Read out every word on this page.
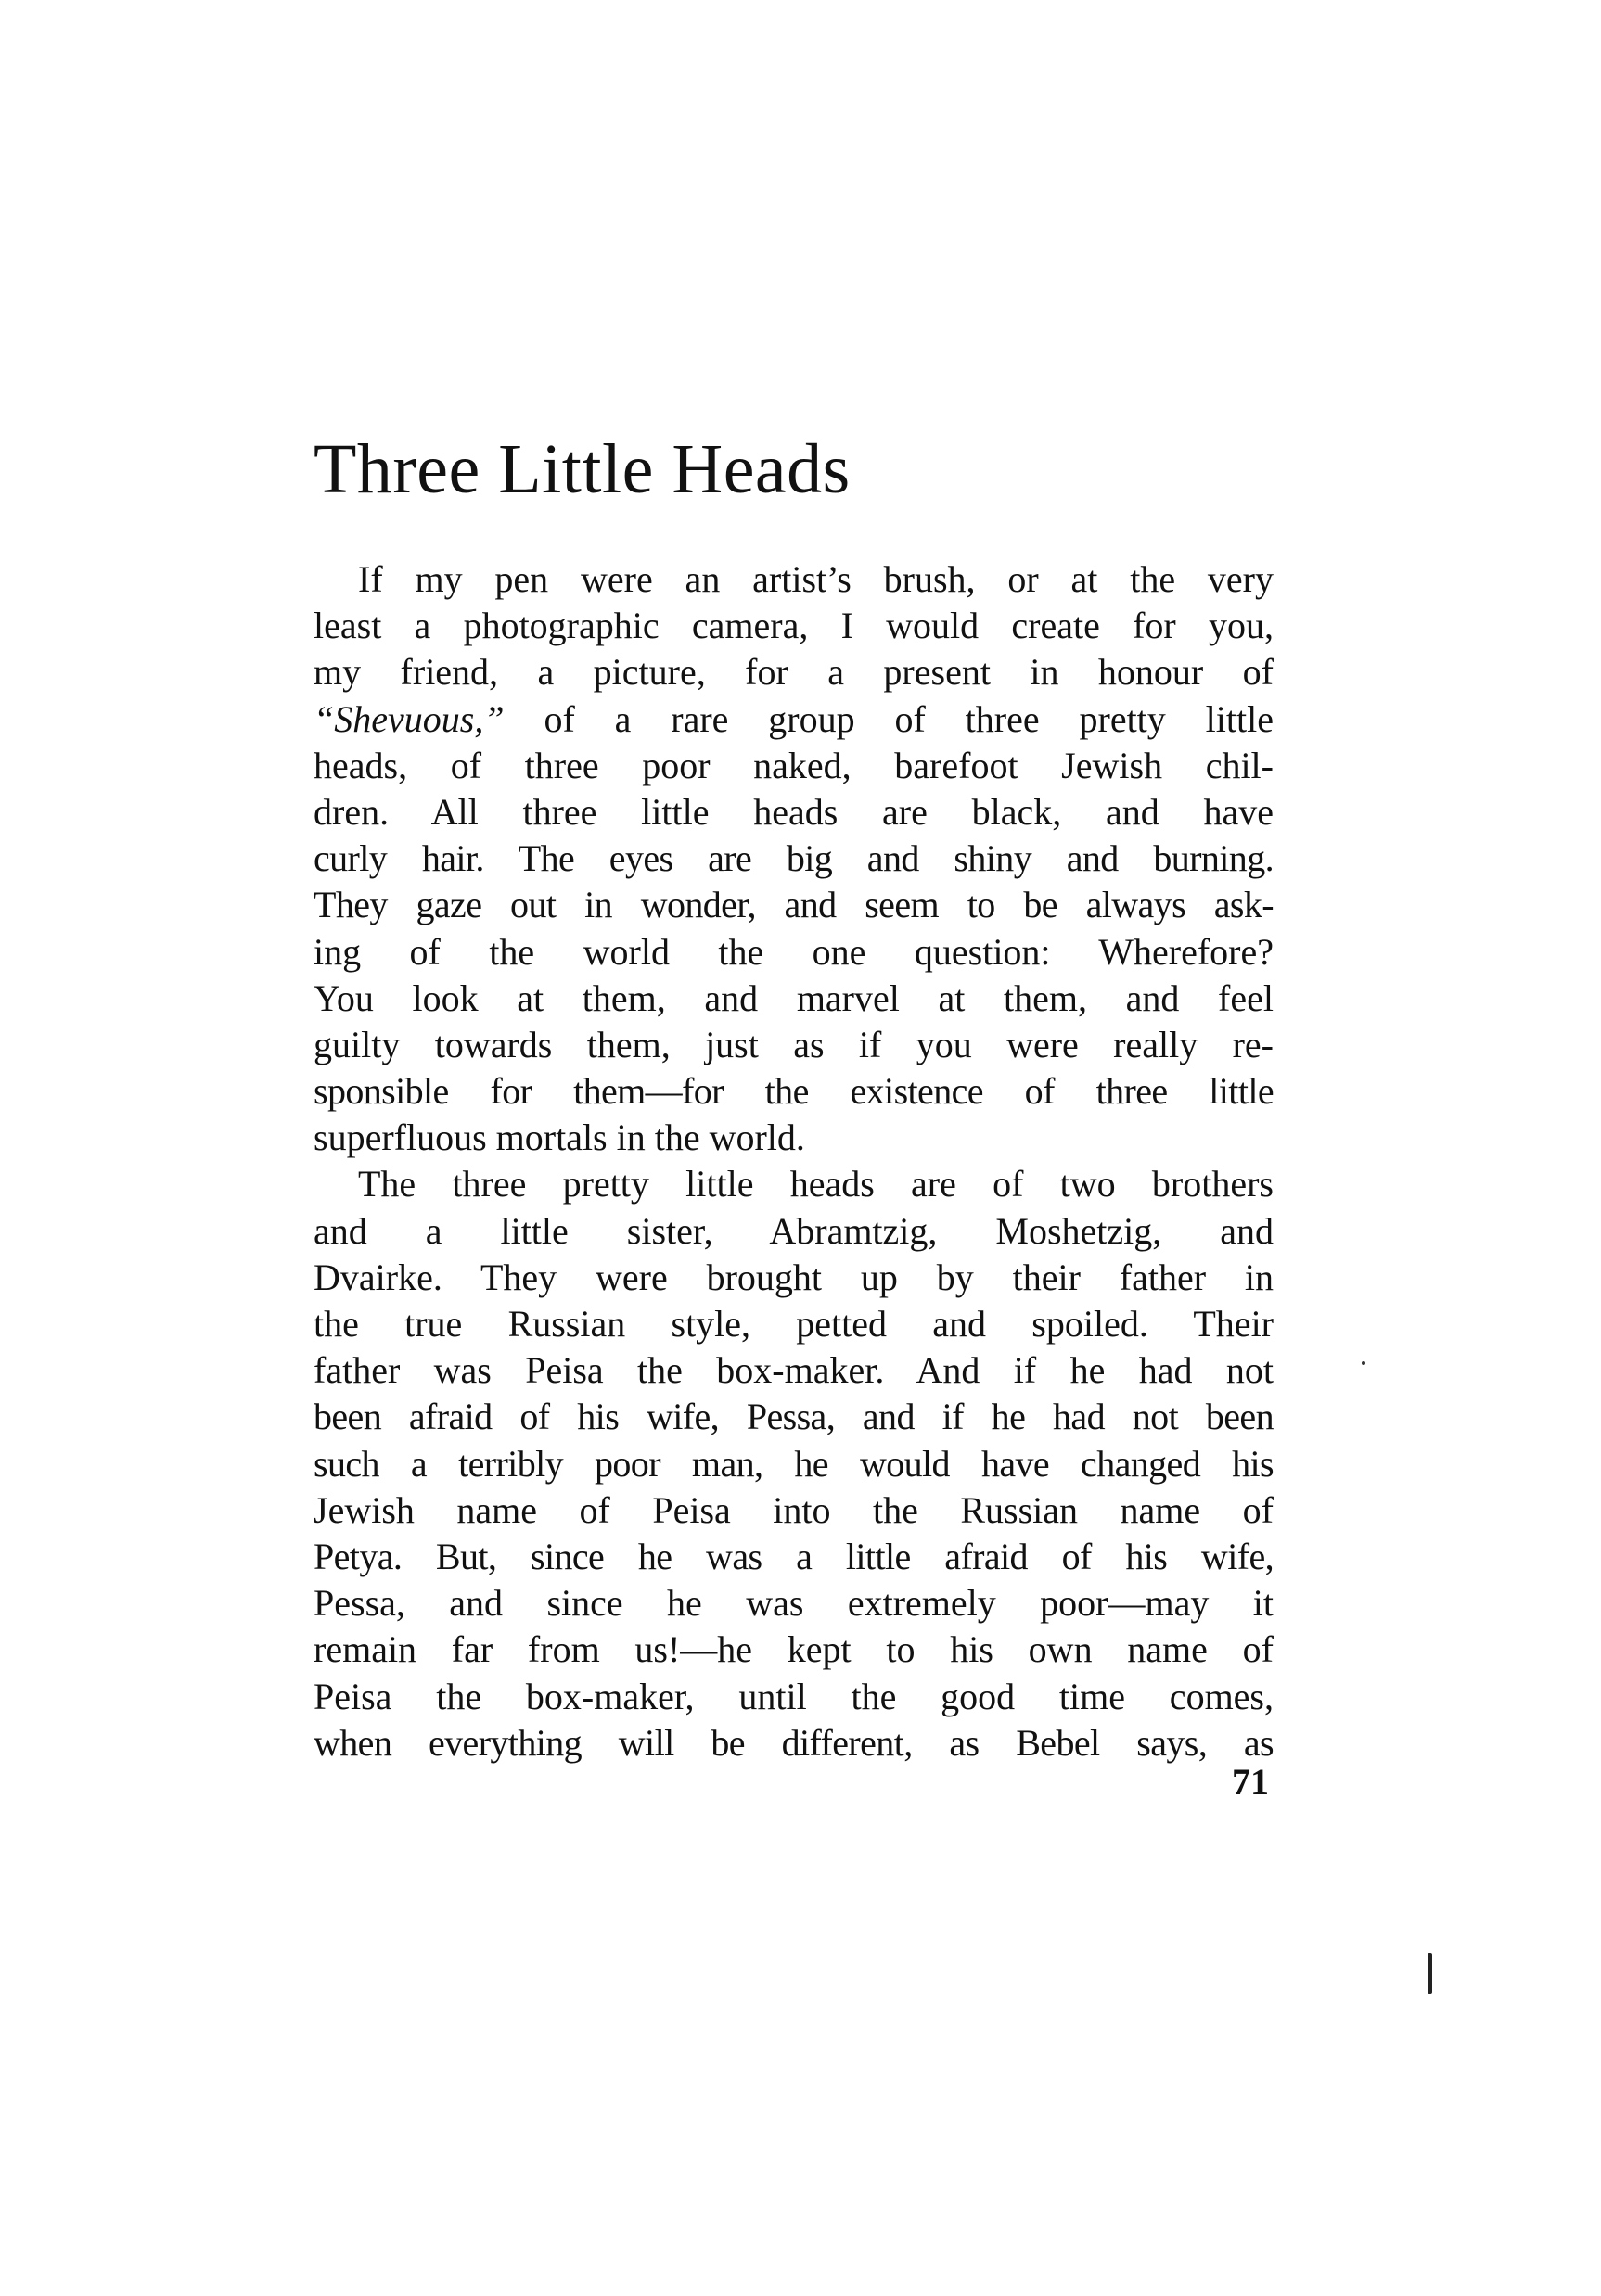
Three Little Heads
If my pen were an artist’s brush, or at the very
least a photographic camera, I would create for you,
my friend, a picture, for a present in honour of
“Shevuous,” of a rare group of three pretty little
heads, of three poor naked, barefoot Jewish chil-
dren. All three little heads are black, and have
curly hair. The eyes are big and shiny and burning.
They gaze out in wonder, and seem to be always ask-
ing of the world the one question: Wherefore?
You look at them, and marvel at them, and feel
guilty towards them, just as if you were really re-
sponsible for them—for the existence of three little
superfluous mortals in the world.
The three pretty little heads are of two brothers
and a little sister, Abramtzig, Moshetzig, and
Dvairke. They were brought up by their father in
the true Russian style, petted and spoiled. Their
father was Peisa the box-maker. And if he had not
been afraid of his wife, Pessa, and if he had not been
such a terribly poor man, he would have changed his
Jewish name of Peisa into the Russian name of
Petya. But, since he was a little afraid of his wife,
Pessa, and since he was extremely poor—may it
remain far from us!—he kept to his own name of
Peisa the box-maker, until the good time comes,
when everything will be different, as Bebel says, as
71
